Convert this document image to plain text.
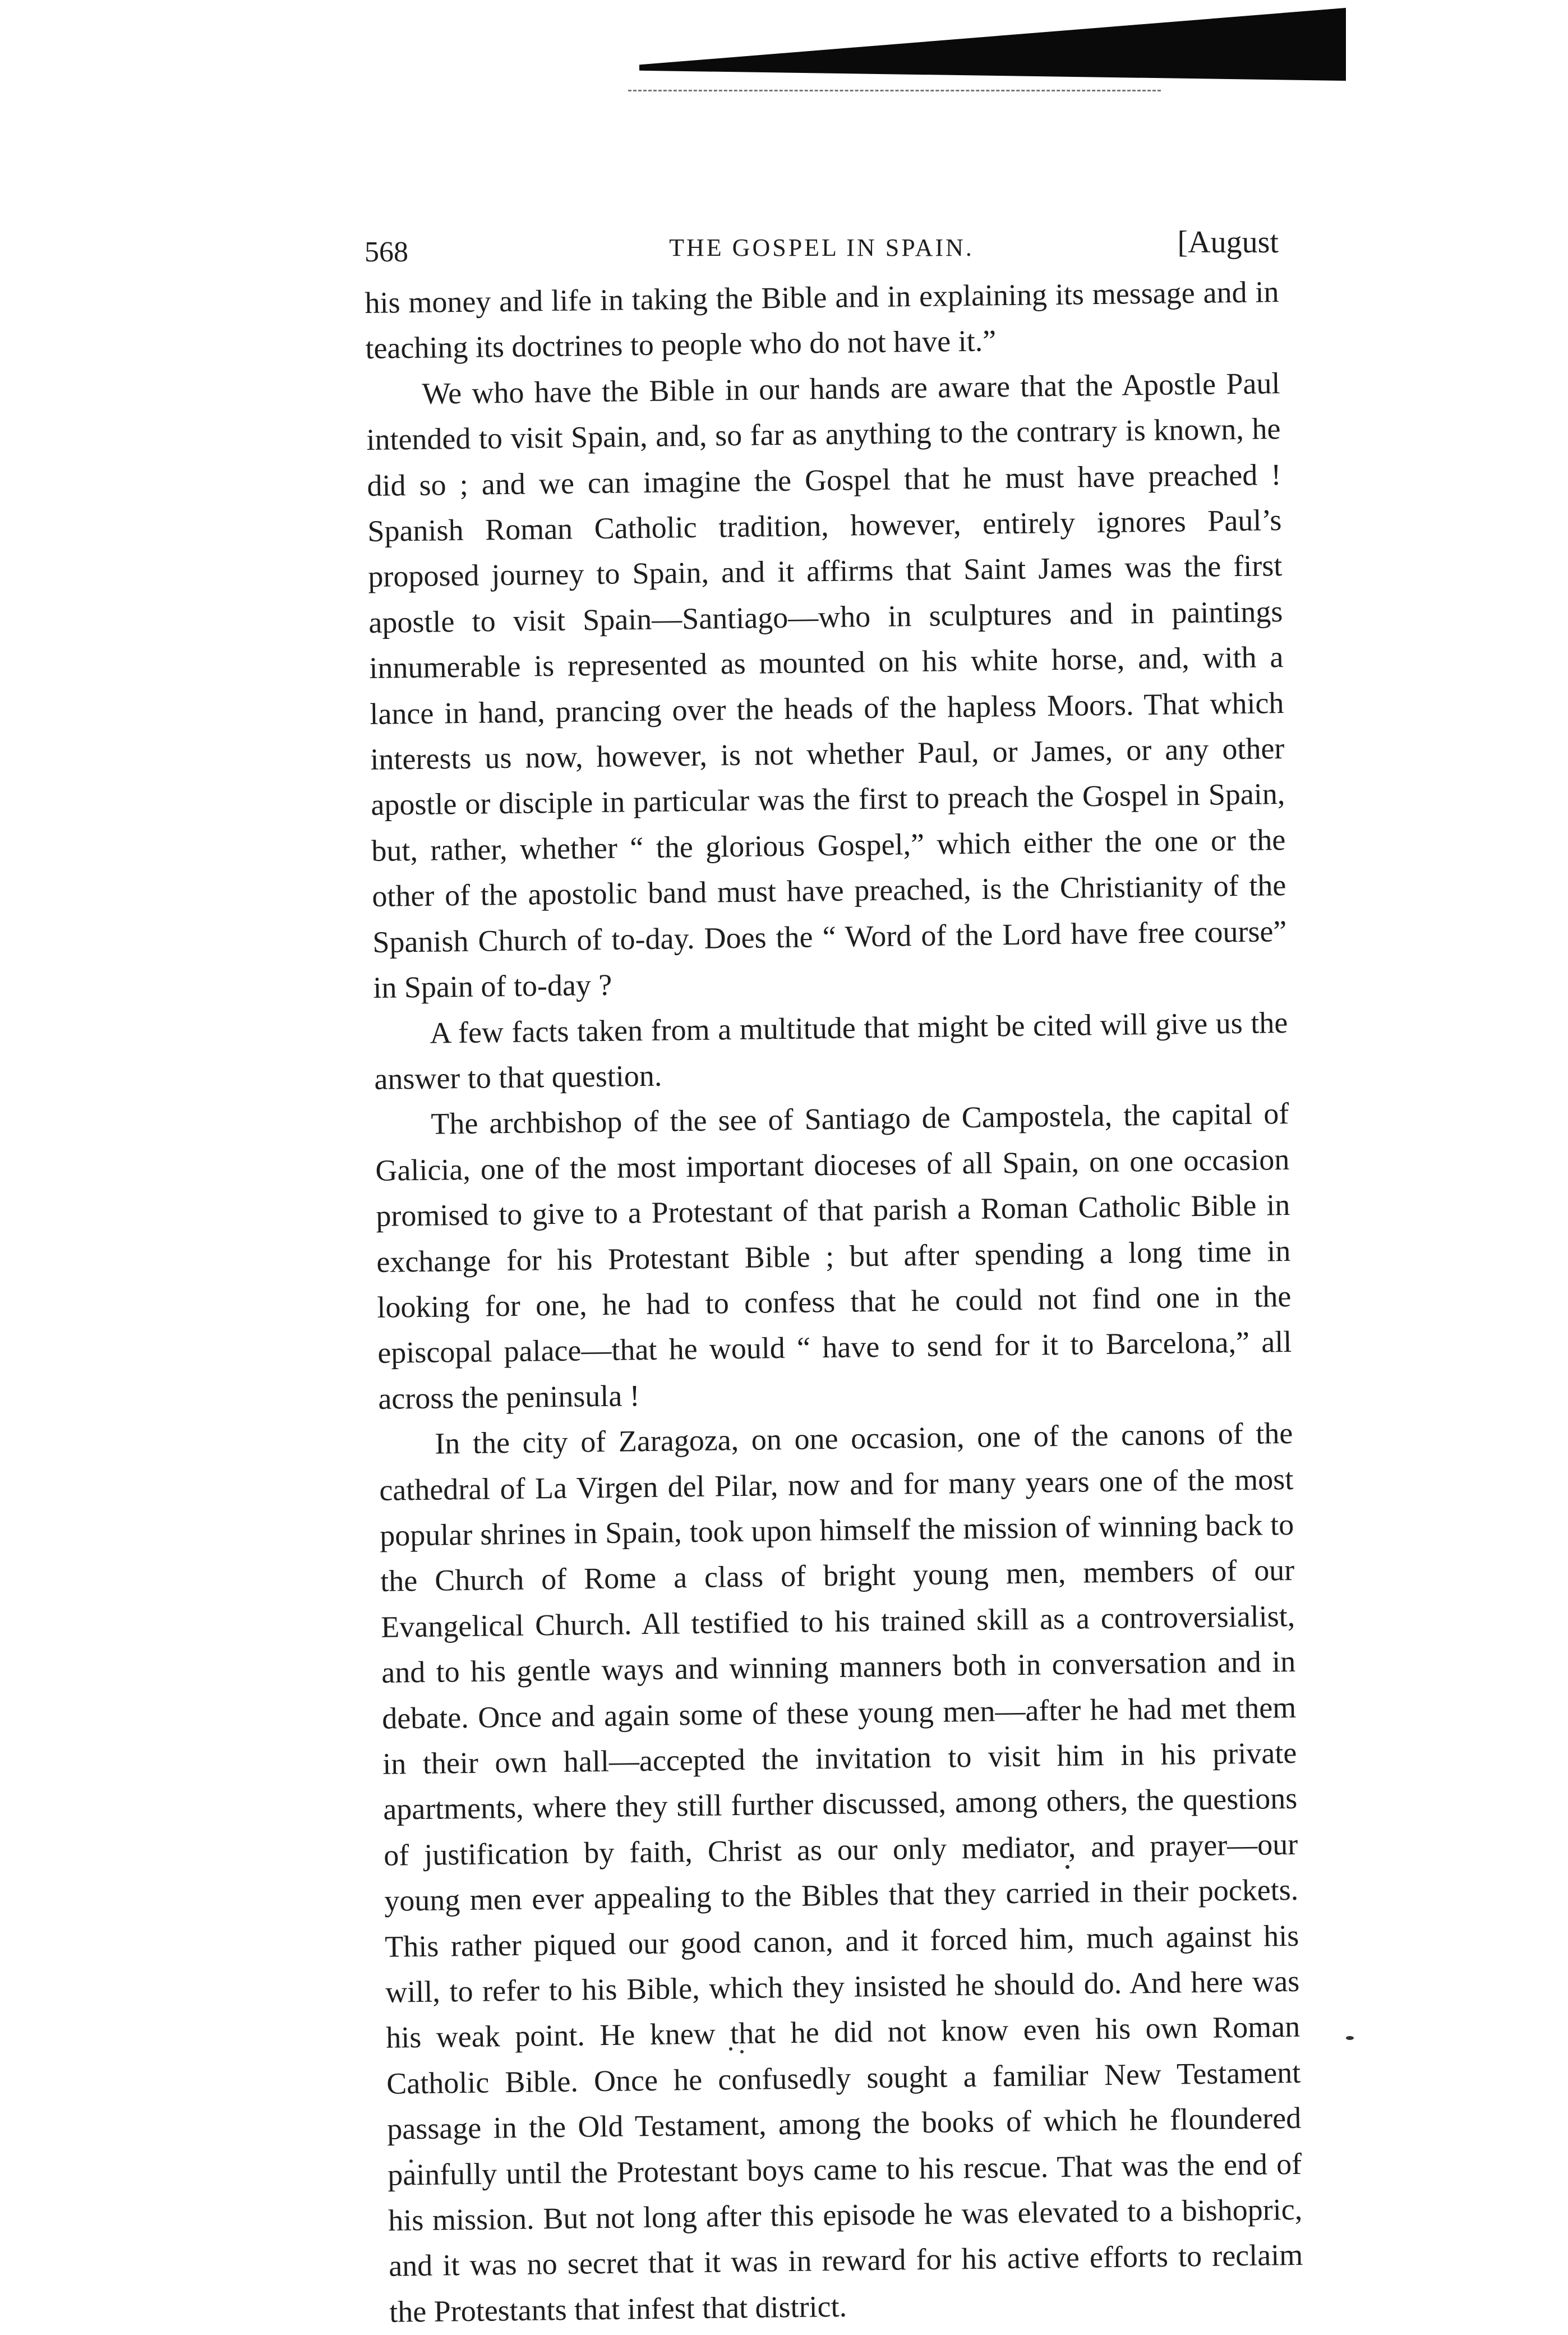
568	THE GOSPEL IN SPAIN.	[August

his money and life in taking the Bible and in explaining its message and in teaching its doctrines to people who do not have it.”

We who have the Bible in our hands are aware that the Apostle Paul intended to visit Spain, and, so far as anything to the contrary is known, he did so ; and we can imagine the Gospel that he must have preached ! Spanish Roman Catholic tradition, however, entirely ignores Paul’s proposed journey to Spain, and it affirms that Saint James was the first apostle to visit Spain—Santiago—who in sculptures and in paintings innumerable is represented as mounted on his white horse, and, with a lance in hand, prancing over the heads of the hapless Moors. That which interests us now, however, is not whether Paul, or James, or any other apostle or disciple in particular was the first to preach the Gospel in Spain, but, rather, whether “ the glorious Gospel,” which either the one or the other of the apostolic band must have preached, is the Christianity of the Spanish Church of to-day. Does the “ Word of the Lord have free course” in Spain of to-day ?

A few facts taken from a multitude that might be cited will give us the answer to that question.

The archbishop of the see of Santiago de Campostela, the capital of Galicia, one of the most important dioceses of all Spain, on one occasion promised to give to a Protestant of that parish a Roman Catholic Bible in exchange for his Protestant Bible ; but after spending a long time in looking for one, he had to confess that he could not find one in the episcopal palace—that he would “ have to send for it to Barcelona,” all across the peninsula !

In the city of Zaragoza, on one occasion, one of the canons of the cathedral of La Virgen del Pilar, now and for many years one of the most popular shrines in Spain, took upon himself the mission of winning back to the Church of Rome a class of bright young men, members of our Evangelical Church. All testified to his trained skill as a controversialist, and to his gentle ways and winning manners both in conversation and in debate. Once and again some of these young men—after he had met them in their own hall—accepted the invitation to visit him in his private apartments, where they still further discussed, among others, the questions of justification by faith, Christ as our only mediator, and prayer—our young men ever appealing to the Bibles that they carried in their pockets. This rather piqued our good canon, and it forced him, much against his will, to refer to his Bible, which they insisted he should do. And here was his weak point. He knew that he did not know even his own Roman Catholic Bible. Once he confusedly sought a familiar New Testament passage in the Old Testament, among the books of which he floundered painfully until the Protestant boys came to his rescue. That was the end of his mission. But not long after this episode he was elevated to a bishopric, and it was no secret that it was in reward for his active efforts to reclaim the Protestants that infest that district.
